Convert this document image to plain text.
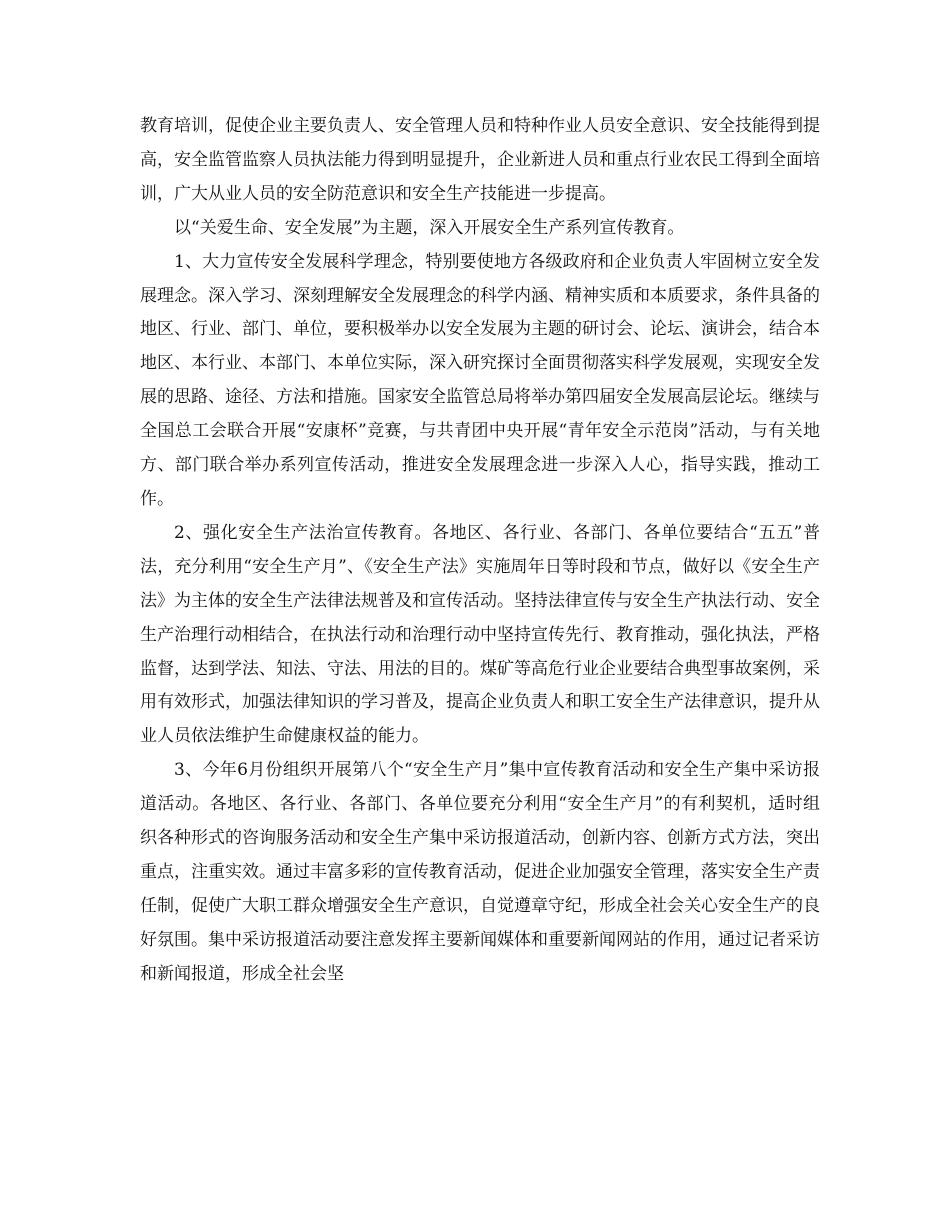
教育培训，促使企业主要负责人、安全管理人员和特种作业人员安全意识、安全技能得到提高，安全监管监察人员执法能力得到明显提升，企业新进人员和重点行业农民工得到全面培训，广大从业人员的安全防范意识和安全生产技能进一步提高。

以“关爱生命、安全发展”为主题，深入开展安全生产系列宣传教育。

1、大力宣传安全发展科学理念，特别要使地方各级政府和企业负责人牢固树立安全发展理念。深入学习、深刻理解安全发展理念的科学内涵、精神实质和本质要求，条件具备的地区、行业、部门、单位，要积极举办以安全发展为主题的研讨会、论坛、演讲会，结合本地区、本行业、本部门、本单位实际，深入研究探讨全面贯彻落实科学发展观，实现安全发展的思路、途径、方法和措施。国家安全监管总局将举办第四届安全发展高层论坛。继续与全国总工会联合开展“安康杯”竞赛，与共青团中央开展“青年安全示范岗”活动，与有关地方、部门联合举办系列宣传活动，推进安全发展理念进一步深入人心，指导实践，推动工作。

2、强化安全生产法治宣传教育。各地区、各行业、各部门、各单位要结合“五五”普法，充分利用“安全生产月”、《安全生产法》实施周年日等时段和节点，做好以《安全生产法》为主体的安全生产法律法规普及和宣传活动。坚持法律宣传与安全生产执法行动、安全生产治理行动相结合，在执法行动和治理行动中坚持宣传先行、教育推动，强化执法，严格监督，达到学法、知法、守法、用法的目的。煤矿等高危行业企业要结合典型事故案例，采用有效形式，加强法律知识的学习普及，提高企业负责人和职工安全生产法律意识，提升从业人员依法维护生命健康权益的能力。

3、今年6月份组织开展第八个“安全生产月”集中宣传教育活动和安全生产集中采访报道活动。各地区、各行业、各部门、各单位要充分利用“安全生产月”的有利契机，适时组织各种形式的咨询服务活动和安全生产集中采访报道活动，创新内容、创新方式方法，突出重点，注重实效。通过丰富多彩的宣传教育活动，促进企业加强安全管理，落实安全生产责任制，促使广大职工群众增强安全生产意识，自觉遵章守纪，形成全社会关心安全生产的良好氛围。集中采访报道活动要注意发挥主要新闻媒体和重要新闻网站的作用，通过记者采访和新闻报道，形成全社会坚
